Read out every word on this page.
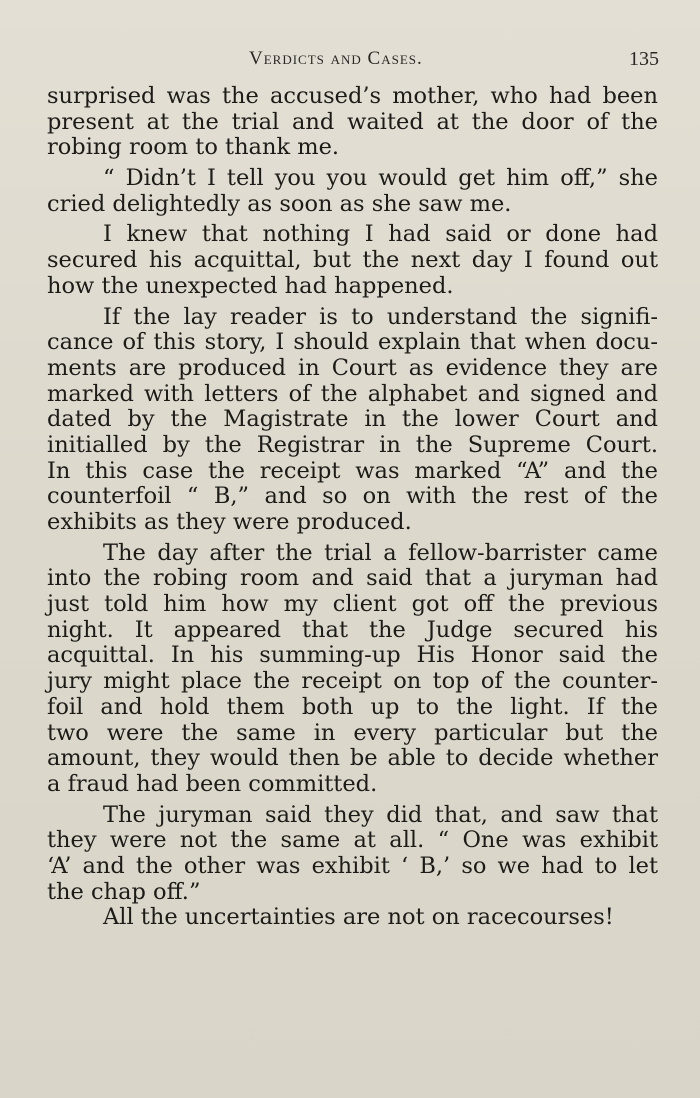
Verdicts and Cases.	135
surprised was the accused’s mother, who had been
present at the trial and waited at the door of the
robing room to thank me.
“ Didn’t I tell you you would get him off,” she
cried delightedly as soon as she saw me.
I knew that nothing I had said or done had
secured his acquittal, but the next day I found out
how the unexpected had happened.
If the lay reader is to understand the signifi-
cance of this story, I should explain that when docu-
ments are produced in Court as evidence they are
marked with letters of the alphabet and signed and
dated by the Magistrate in the lower Court and
initialled by the Registrar in the Supreme Court.
In this case the receipt was marked “A” and the
counterfoil “ B,” and so on with the rest of the
exhibits as they were produced.
The day after the trial a fellow-barrister came
into the robing room and said that a juryman had
just told him how my client got off the previous
night. It appeared that the Judge secured his
acquittal. In his summing-up His Honor said the
jury might place the receipt on top of the counter-
foil and hold them both up to the light. If the
two were the same in every particular but the
amount, they would then be able to decide whether
a fraud had been committed.
The juryman said they did that, and saw that
they were not the same at all. “ One was exhibit
‘A’ and the other was exhibit ‘ B,’ so we had to let
the chap off.”
All the uncertainties are not on racecourses!
